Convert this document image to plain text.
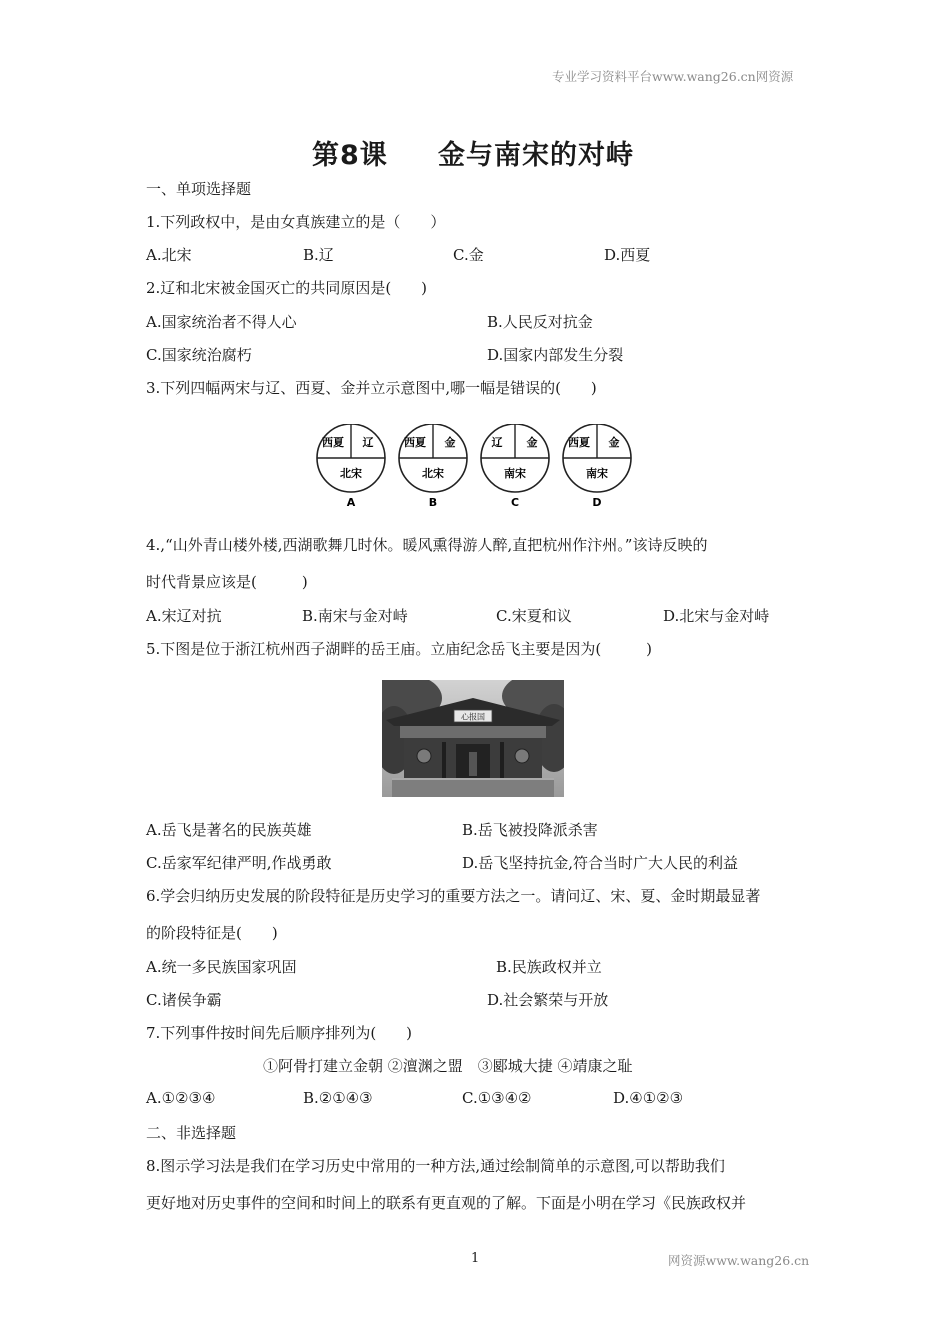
专业学习资料平台www.wang26.cn网资源
第8课 金与南宋的对峙
一、单项选择题
1.下列政权中，是由女真族建立的是（　　）
A.北宋	B.辽	C.金	D.西夏
2.辽和北宋被金国灭亡的共同原因是(　　)
A.国家统治者不得人心	B.人民反对抗金
C.国家统治腐朽	D.国家内部发生分裂
3.下列四幅两宋与辽、西夏、金并立示意图中,哪一幅是错误的(　　)
西夏 辽
北宋
A
西夏 金
北宋
B
辽 金
南宋
C
西夏 金
南宋
D
4.,“山外青山楼外楼,西湖歌舞几时休。暖风熏得游人醉,直把杭州作汴州。”该诗反映的
时代背景应该是(　　　)
A.宋辽对抗	B.南宋与金对峙	C.宋夏和议	D.北宋与金对峙
5.下图是位于浙江杭州西子湖畔的岳王庙。立庙纪念岳飞主要是因为(　　　)
心报国
A.岳飞是著名的民族英雄	B.岳飞被投降派杀害
C.岳家军纪律严明,作战勇敢	D.岳飞坚持抗金,符合当时广大人民的利益
6.学会归纳历史发展的阶段特征是历史学习的重要方法之一。请问辽、宋、夏、金时期最显著
的阶段特征是(　　)
A.统一多民族国家巩固	B.民族政权并立
C.诸侯争霸	D.社会繁荣与开放
7.下列事件按时间先后顺序排列为(　　)
①阿骨打建立金朝 ②澶渊之盟　③郾城大捷 ④靖康之耻
A.①②③④	B.②①④③	C.①③④②	D.④①②③
二、非选择题
8.图示学习法是我们在学习历史中常用的一种方法,通过绘制简单的示意图,可以帮助我们
更好地对历史事件的空间和时间上的联系有更直观的了解。下面是小明在学习《民族政权并
1	网资源www.wang26.cn
